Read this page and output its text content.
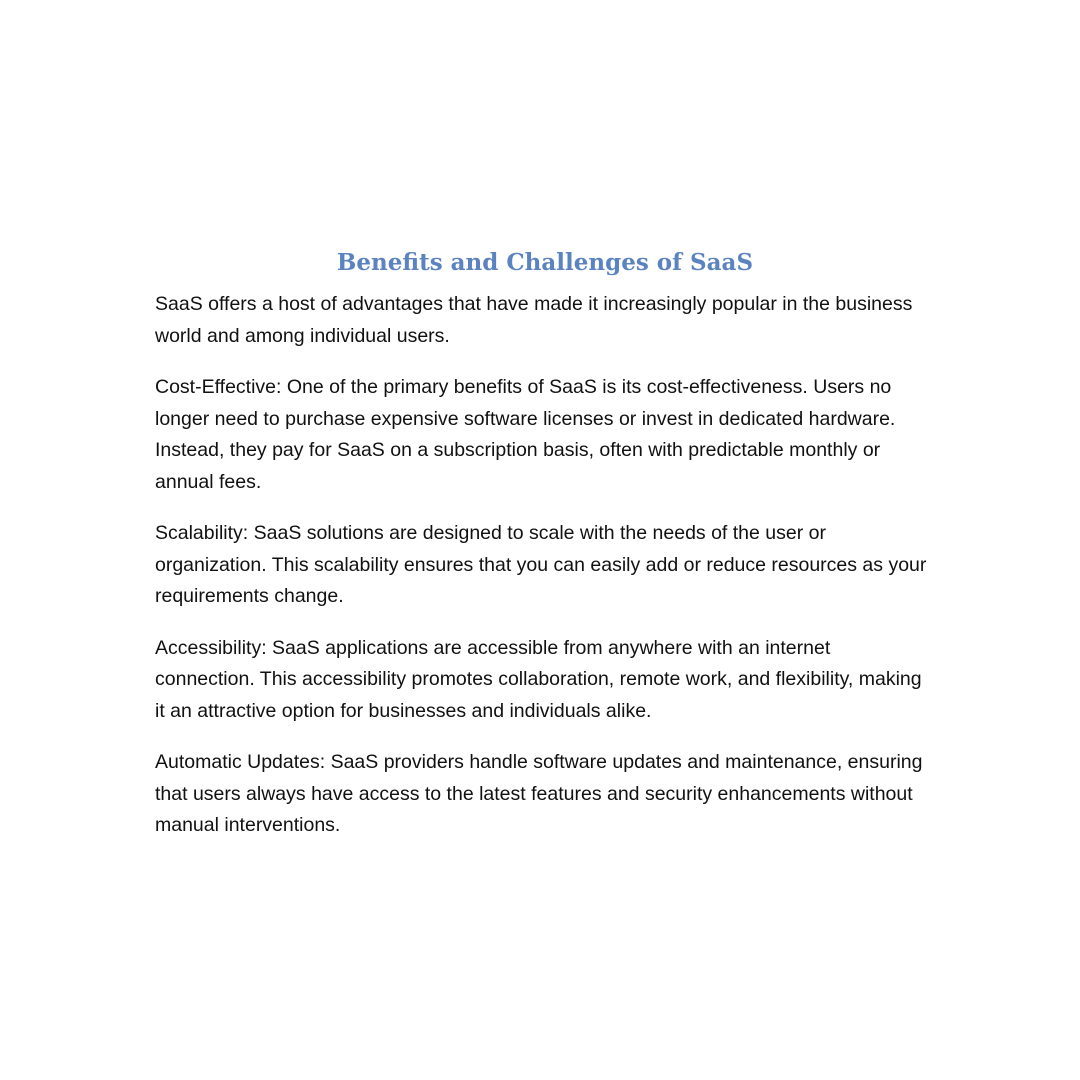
Benefits and Challenges of SaaS

SaaS offers a host of advantages that have made it increasingly popular in the business world and among individual users.

Cost-Effective: One of the primary benefits of SaaS is its cost-effectiveness. Users no longer need to purchase expensive software licenses or invest in dedicated hardware. Instead, they pay for SaaS on a subscription basis, often with predictable monthly or annual fees.

Scalability: SaaS solutions are designed to scale with the needs of the user or organization. This scalability ensures that you can easily add or reduce resources as your requirements change.

Accessibility: SaaS applications are accessible from anywhere with an internet connection. This accessibility promotes collaboration, remote work, and flexibility, making it an attractive option for businesses and individuals alike.

Automatic Updates: SaaS providers handle software updates and maintenance, ensuring that users always have access to the latest features and security enhancements without manual interventions.
